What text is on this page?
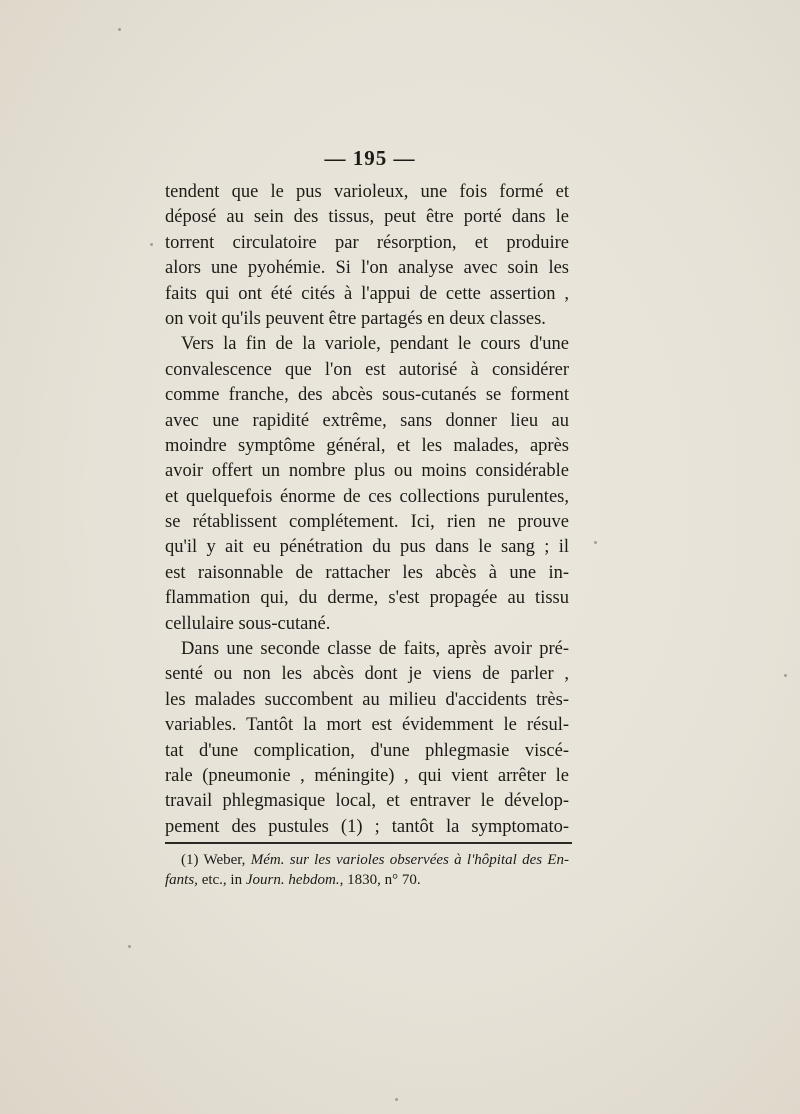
— 195 —
tendent que le pus varioleux, une fois formé et
déposé au sein des tissus, peut être porté dans le
torrent circulatoire par résorption, et produire
alors une pyohémie. Si l'on analyse avec soin les
faits qui ont été cités à l'appui de cette assertion ,
on voit qu'ils peuvent être partagés en deux classes.
Vers la fin de la variole, pendant le cours d'une
convalescence que l'on est autorisé à considérer
comme franche, des abcès sous-cutanés se forment
avec une rapidité extrême, sans donner lieu au
moindre symptôme général, et les malades, après
avoir offert un nombre plus ou moins considérable
et quelquefois énorme de ces collections purulentes,
se rétablissent complétement. Ici, rien ne prouve
qu'il y ait eu pénétration du pus dans le sang ; il
est raisonnable de rattacher les abcès à une in-
flammation qui, du derme, s'est propagée au tissu
cellulaire sous-cutané.
Dans une seconde classe de faits, après avoir pré-
senté ou non les abcès dont je viens de parler ,
les malades succombent au milieu d'accidents très-
variables. Tantôt la mort est évidemment le résul-
tat d'une complication, d'une phlegmasie viscé-
rale (pneumonie , méningite) , qui vient arrêter le
travail phlegmasique local, et entraver le dévelop-
pement des pustules (1) ; tantôt la symptomato-
(1) Weber, Mém. sur les varioles observées à l'hôpital des En-
fants, etc., in Journ. hebdom., 1830, n° 70.
